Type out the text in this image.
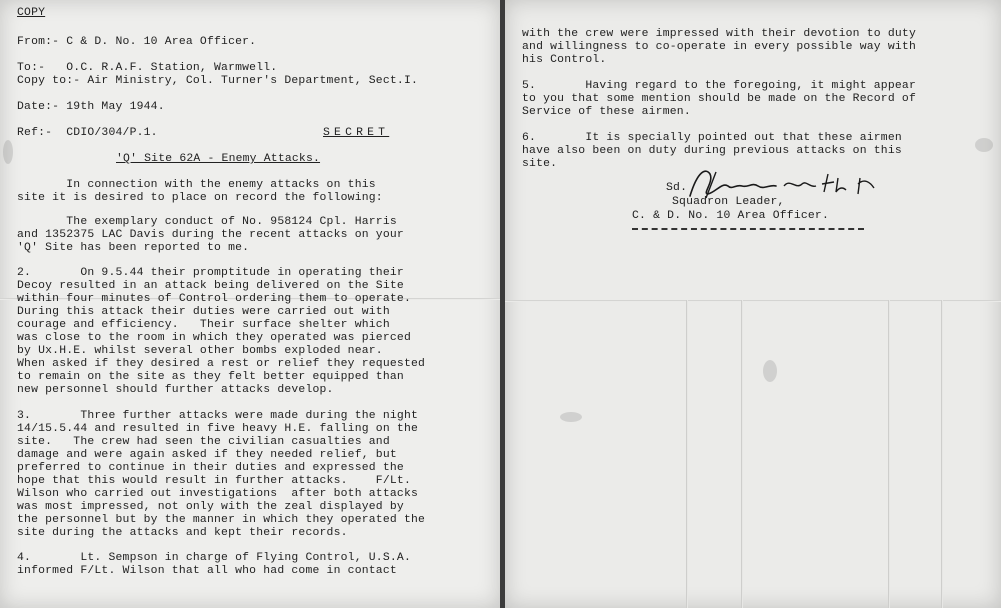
COPY

From:- C & D. No. 10 Area Officer.

To:-   O.C. R.A.F. Station, Warmwell.

Copy to:- Air Ministry, Col. Turner's Department, Sect.I.

Date:- 19th May 1944.

Ref:-  CDIO/304/P.1.	SECRET

'Q' Site 62A - Enemy Attacks.

In connection with the enemy attacks on this

site it is desired to place on record the following:

The exemplary conduct of No. 958124 Cpl. Harris

and 1352375 LAC Davis during the recent attacks on your

'Q' Site has been reported to me.

2.       On 9.5.44 their promptitude in operating their

Decoy resulted in an attack being delivered on the Site

within four minutes of Control ordering them to operate.

During this attack their duties were carried out with

courage and efficiency.   Their surface shelter which

was close to the room in which they operated was pierced

by Ux.H.E. whilst several other bombs exploded near.

When asked if they desired a rest or relief they requested

to remain on the site as they felt better equipped than

new personnel should further attacks develop.

3.       Three further attacks were made during the night

14/15.5.44 and resulted in five heavy H.E. falling on the

site.   The crew had seen the civilian casualties and

damage and were again asked if they needed relief, but

preferred to continue in their duties and expressed the

hope that this would result in further attacks.    F/Lt.

Wilson who carried out investigations  after both attacks

was most impressed, not only with the zeal displayed by

the personnel but by the manner in which they operated the

site during the attacks and kept their records.

4.       Lt. Sempson in charge of Flying Control, U.S.A.

informed F/Lt. Wilson that all who had come in contact

with the crew were impressed with their devotion to duty

and willingness to co-operate in every possible way with

his Control.

5.       Having regard to the foregoing, it might appear

to you that some mention should be made on the Record of

Service of these airmen.

6.       It is specially pointed out that these airmen

have also been on duty during previous attacks on this

site.

Sd.

Squadron Leader,

C. & D. No. 10 Area Officer.
